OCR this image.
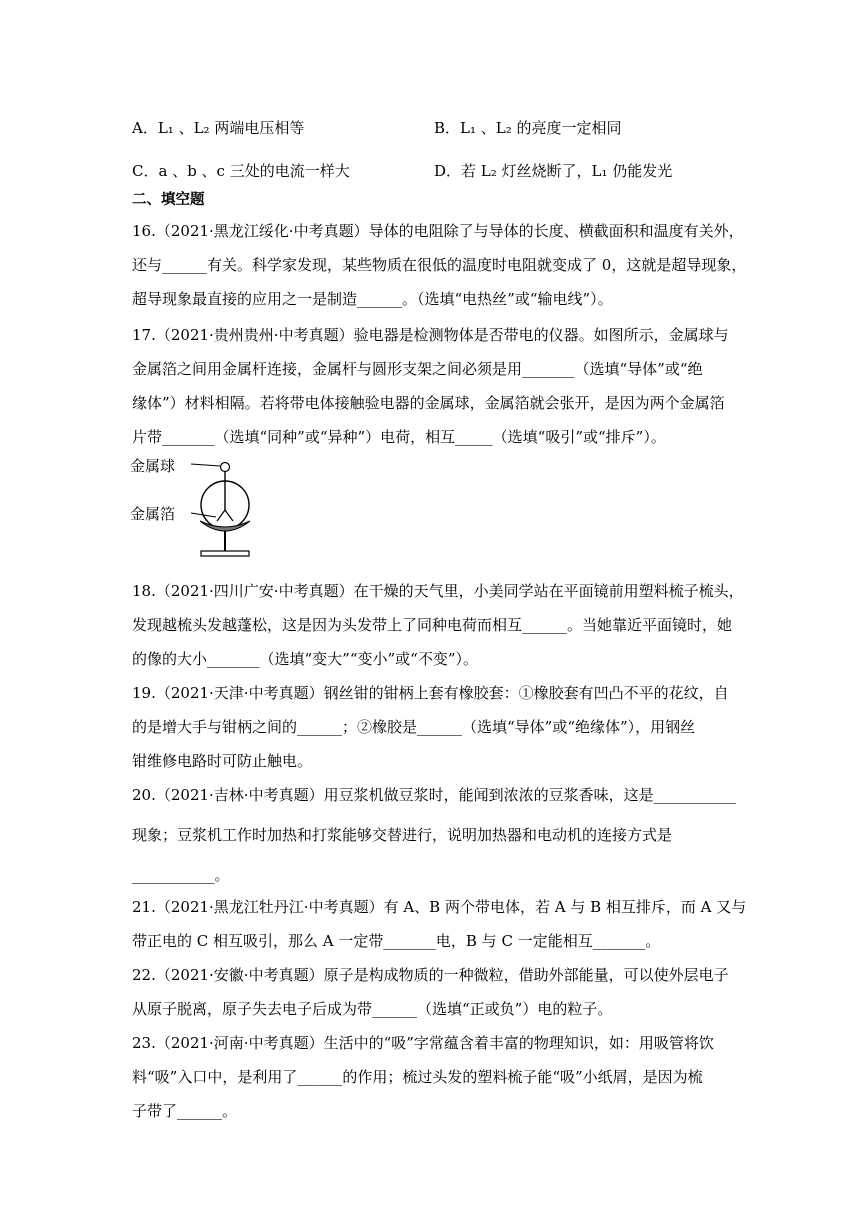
A．L₁ 、L₂ 两端电压相等	B．L₁ 、L₂ 的亮度一定相同
C．a 、b 、c 三处的电流一样大	D．若 L₂ 灯丝烧断了，L₁ 仍能发光
二、填空题
16.（2021·黑龙江绥化·中考真题）导体的电阻除了与导体的长度、横截面积和温度有关外，
还与______有关。科学家发现，某些物质在很低的温度时电阻就变成了 0，这就是超导现象，
超导现象最直接的应用之一是制造______。（选填“电热丝”或“输电线”）。
17.（2021·贵州贵州·中考真题）验电器是检测物体是否带电的仪器。如图所示，金属球与
金属箔之间用金属杆连接，金属杆与圆形支架之间必须是用_______（选填“导体”或“绝
缘体”）材料相隔。若将带电体接触验电器的金属球，金属箔就会张开，是因为两个金属箔
片带_______（选填“同种”或“异种”）电荷，相互_____（选填“吸引”或“排斥”）。
金属球
金属箔
18.（2021·四川广安·中考真题）在干燥的天气里，小美同学站在平面镜前用塑料梳子梳头，
发现越梳头发越蓬松，这是因为头发带上了同种电荷而相互______。当她靠近平面镜时，她
的像的大小_______（选填“变大”“变小”或“不变”）。
19.（2021·天津·中考真题）钢丝钳的钳柄上套有橡胶套：①橡胶套有凹凸不平的花纹，自
的是增大手与钳柄之间的______；②橡胶是______（选填“导体”或“绝缘体”），用钢丝
钳维修电路时可防止触电。
20.（2021·吉林·中考真题）用豆浆机做豆浆时，能闻到浓浓的豆浆香味，这是___________
现象；豆浆机工作时加热和打浆能够交替进行，说明加热器和电动机的连接方式是
___________。
21.（2021·黑龙江牡丹江·中考真题）有 A、B 两个带电体，若 A 与 B 相互排斥，而 A 又与
带正电的 C 相互吸引，那么 A 一定带_______电，B 与 C 一定能相互_______。
22.（2021·安徽·中考真题）原子是构成物质的一种微粒，借助外部能量，可以使外层电子
从原子脱离，原子失去电子后成为带______（选填“正或负”）电的粒子。
23.（2021·河南·中考真题）生活中的“吸”字常蕴含着丰富的物理知识，如：用吸管将饮
料“吸”入口中，是利用了______的作用；梳过头发的塑料梳子能“吸”小纸屑，是因为梳
子带了______。
